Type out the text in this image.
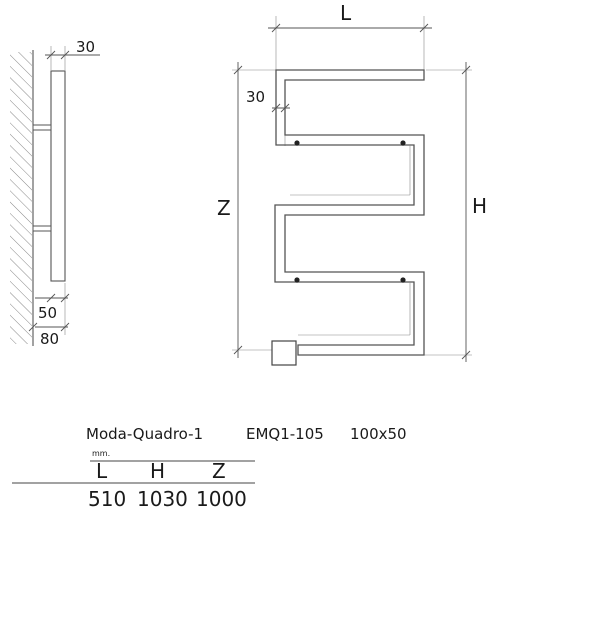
30
50
80
L
H
Z
30
Moda-Quadro-1	EMQ1-105 100x50
mm.
L H Z
510 1030 1000
